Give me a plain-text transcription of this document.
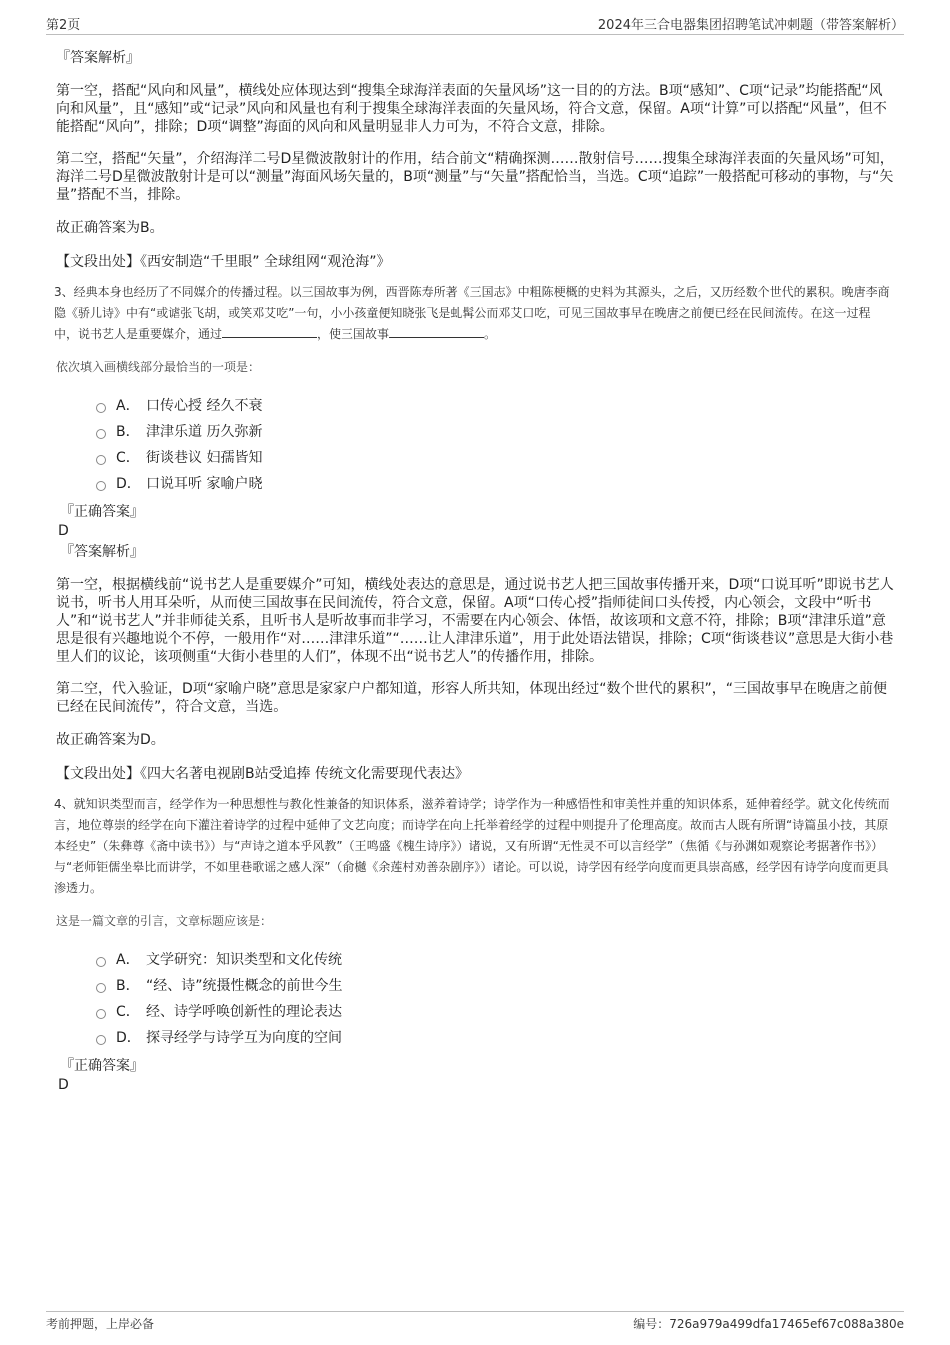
第2页	2024年三合电器集团招聘笔试冲刺题（带答案解析）
『答案解析』

第一空，搭配“风向和风量”，横线处应体现达到“搜集全球海洋表面的矢量风场”这一目的的方法。B项“感知”、C项“记录”均能搭配“风向和风量”，且“感知”或“记录”风向和风量也有利于搜集全球海洋表面的矢量风场，符合文意，保留。A项“计算”可以搭配“风量”，但不能搭配“风向”，排除；D项“调整”海面的风向和风量明显非人力可为，不符合文意，排除。

第二空，搭配“矢量”，介绍海洋二号D星微波散射计的作用，结合前文“精确探测……散射信号……搜集全球海洋表面的矢量风场”可知，海洋二号D星微波散射计是可以“测量”海面风场矢量的，B项“测量”与“矢量”搭配恰当，当选。C项“追踪”一般搭配可移动的事物，与“矢量”搭配不当，排除。

故正确答案为B。
【文段出处】《西安制造“千里眼” 全球组网“观沧海”》
3、经典本身也经历了不同媒介的传播过程。以三国故事为例，西晋陈寿所著《三国志》中粗陈梗概的史料为其源头，之后，又历经数个世代的累积。晚唐李商隐《骄儿诗》中有“或谑张飞胡，或笑邓艾吃”一句，小小孩童便知晓张飞是虬髯公而邓艾口吃，可见三国故事早在晚唐之前便已经在民间流传。在这一过程中，说书艺人是重要媒介，通过	，使三国故事	。
依次填入画横线部分最恰当的一项是：
A． 口传心授 经久不衰
B． 津津乐道 历久弥新
C． 街谈巷议 妇孺皆知
D． 口说耳听 家喻户晓
『正确答案』
D
『答案解析』

第一空，根据横线前“说书艺人是重要媒介”可知，横线处表达的意思是，通过说书艺人把三国故事传播开来，D项“口说耳听”即说书艺人说书，听书人用耳朵听，从而使三国故事在民间流传，符合文意，保留。A项“口传心授”指师徒间口头传授，内心领会，文段中“听书人”和“说书艺人”并非师徒关系，且听书人是听故事而非学习，不需要在内心领会、体悟，故该项和文意不符，排除；B项“津津乐道”意思是很有兴趣地说个不停，一般用作“对……津津乐道”“……让人津津乐道”，用于此处语法错误，排除；C项“街谈巷议”意思是大街小巷里人们的议论，该项侧重“大街小巷里的人们”，体现不出“说书艺人”的传播作用，排除。

第二空，代入验证，D项“家喻户晓”意思是家家户户都知道，形容人所共知，体现出经过“数个世代的累积”，“三国故事早在晚唐之前便已经在民间流传”，符合文意，当选。

故正确答案为D。
【文段出处】《四大名著电视剧B站受追捧 传统文化需要现代表达》
4、就知识类型而言，经学作为一种思想性与教化性兼备的知识体系，滋养着诗学；诗学作为一种感悟性和审美性并重的知识体系，延伸着经学。就文化传统而言，地位尊崇的经学在向下灌注着诗学的过程中延伸了文艺向度；而诗学在向上托举着经学的过程中则提升了伦理高度。故而古人既有所谓“诗篇虽小技，其原本经史”（朱彝尊《斋中读书》）与“声诗之道本乎风教”（王鸣盛《槐生诗序》）诸说，又有所谓“无性灵不可以言经学”（焦循《与孙渊如观察论考据著作书》）与“老师钜儒坐皋比而讲学，不如里巷歌谣之感人深”（俞樾《余莲村劝善杂剧序》）诸论。可以说，诗学因有经学向度而更具崇高感，经学因有诗学向度而更具渗透力。
这是一篇文章的引言，文章标题应该是：
A． 文学研究：知识类型和文化传统
B． “经、诗”统摄性概念的前世今生
C． 经、诗学呼唤创新性的理论表达
D． 探寻经学与诗学互为向度的空间
『正确答案』
D
考前押题，上岸必备	编号：726a979a499dfa17465ef67c088a380e
